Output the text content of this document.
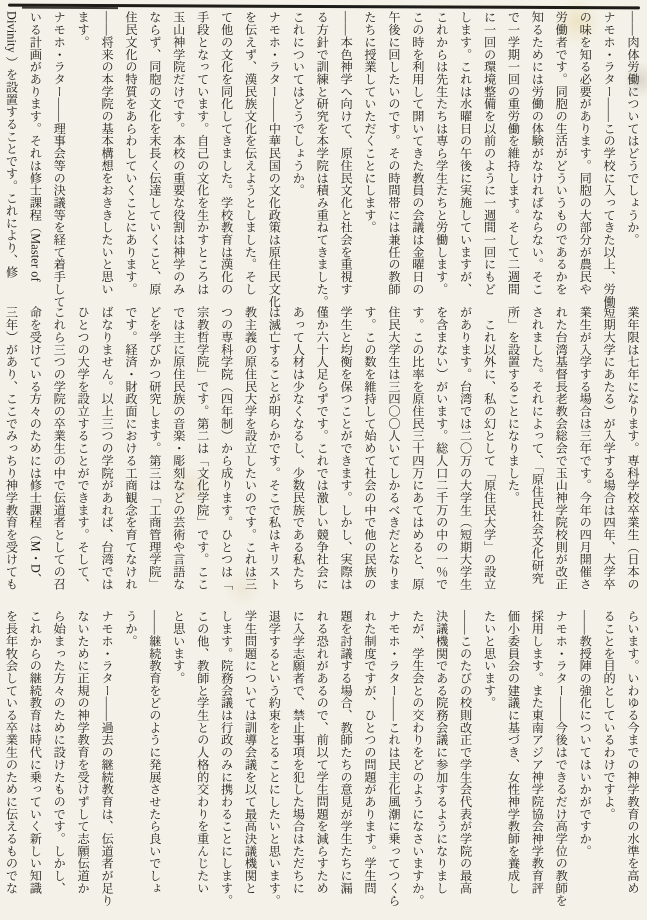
——肉体労働についてはどうでしょうか。

ナモホ・ラター——この学校に入ってきた以上、労働

の味を知る必要があります。同胞の大部分が農民や

労働者です。同胞の生活がどういうものであるかを

知るためには労働の体験がなければならない。そこ

で一学期一回の重労働を維持します。そして二週間

に一回の環境整備を以前のように一週間一回にもど

します。これは水曜日の午後に実施していますが、

これからは先生たちは専ら学生たちと労働します。

この時を利用して開いてきた教員の会議は金曜日の

午後に回したいのです。その時間帯には兼任の教師

たちに授業していただくことにします。

——本色神学へ向けて、原住民文化と社会を重視す

る方針で訓練と研究を本学院は積み重ねてきました。

これについてはどうでしょうか。

ナモホ・ラター——中華民国の文化政策は原住民文化

を伝えず、漢民族文化を伝えようとしました。そし

て他の文化を同化してきました。学校教育は漢化の

手段となっています。自己の文化を生かすところは

玉山神学院だけです。本校の重要な役割は神学のみ

ならず、同胞の文化を末長く伝達していくこと、原

住民文化の特質をあらわしていくことにあります。

——将来の本学院の基本構想をおききしたいと思い

ます。

ナモホ・ラター——理事会等の決議等を経て着手して

いる計画があります。それは修士課程（Master of

Divinity ）を設置することです。これにより、修

業年限は七年になります。専科学校卒業生（日本の

短期大学にあたる）が入学する場合は四年、大学卒

業生が入学する場合は三年です。今年の四月開催さ

れた台湾基督長老教会総会で玉山神学院校則が改正

されました。それによって、「原住民社会文化研究

所」を設置することになりました。

　これ以外に、私の幻として「原住民大学」の設立

があります。台湾では二〇万の大学生（短期大学生

を含まない）がいます。総人口二千万の中の一％で

す。この比率を原住民三十四万にあてはめると、原

住民大学生は三四〇〇人いてしかるべきだとなりま

す。この数を維持して始めて社会の中で他の民族の

学生と均衡を保つことができます。しかし、実際は

僅か六十人足らずです。これでは激しい競争社会に

あって人材は少なくなるし、少数民族である私たち

は滅亡することが明らかです。そこで私はキリスト

教主義の原住民大学を設立したいのです。これは三

つの専科学院（四年制）から成ります。ひとつは「

宗教哲学院」です。第二は「文化学院」です。ここ

では主に原住民族の音楽・彫刻などの芸術や言語な

どを学びかつ研究します。第三は「工商管理学院」

です。経済・財政面における工商観念を育てなけれ

ばなりません。以上三つの学院があれば、台湾では

ひとつの大学を設立することができます。そして、

これら三つの学院の卒業生の中で伝道者としての召

命を受けている方々のためには修士課程（M・D、

三年）があり、ここでみっちり神学教育を受けても

らいます。いわゆる今までの神学教育の水準を高め

ることを目的としているわけですよ。

——教授陣の強化についてはいかがですか。

ナモホ・ラター——今後はできるだけ高学位の教師を

採用します。また東南アジア神学院協会神学教育評

価小委員会の建議に基づき、女性神学教師を養成し

たいと思います。

——このたびの校則改正で学生会代表が学院の最高

決議機関である院務会議に参加するようになりまし

たが、学生会との交わりをどのようになさいますか。

ナモホ・ラター——これは民主化風潮に乗ってつくら

れた制度ですが、ひとつの問題があります。学生問

題を討議する場合、教師たちの意見が学生たちに漏

れる恐れがあるので、前以て学生問題を減らすため

に入学志願者で、禁止事項を犯した場合はただちに

退学するという約束をとることにしたいと思います。

学生問題については訓導会議を以て最高決議機関と

します。院務会議は行政のみに携わることにします。

この他、教師と学生との人格的交わりを重んじたい

と思います。

——継続教育をどのように発展させたら良いでしょ

うか。

ナモホ・ラター——過去の継続教育は、伝道者が足り

ないために正規の神学教育を受けずして志願伝道か

ら始まった方々のために設けたものです。しかし、

これからの継続教育は時代に乗っていく新しい知識

を長年牧会している卒業生のために伝えるものでな
